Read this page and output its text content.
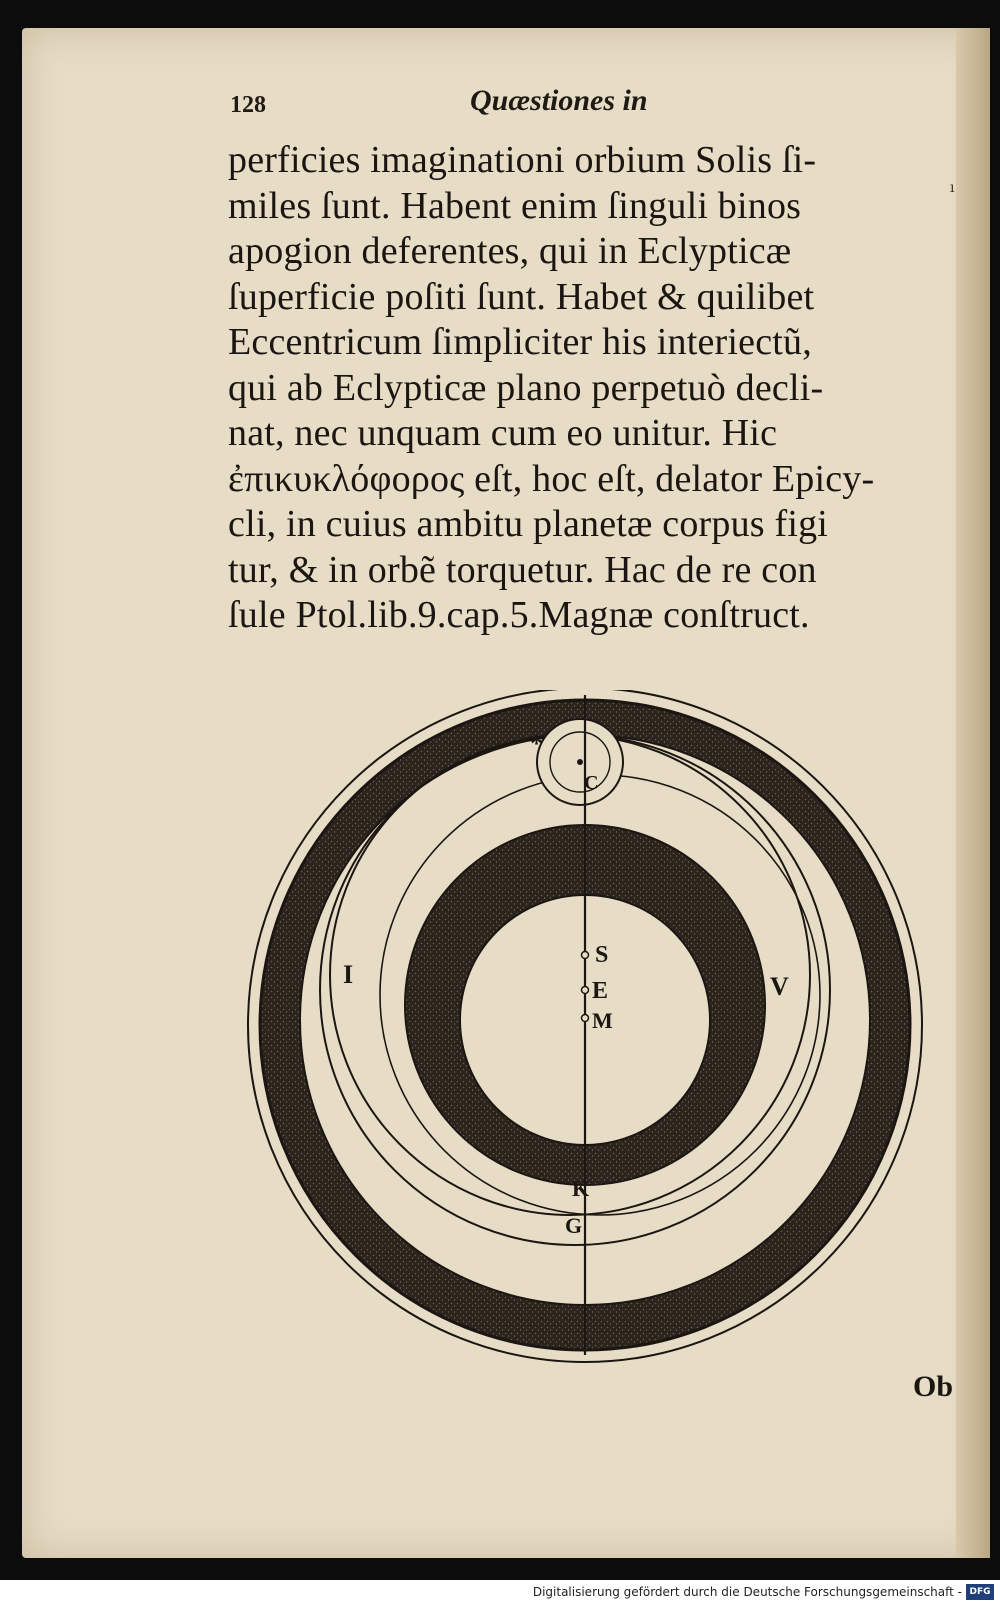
128	Quæstiones in
ı
perficies imaginationi orbium Solis ſi-
miles ſunt. Habent enim ſinguli binos
apogion deferentes, qui in Eclypticæ
ſuperficie poſiti ſunt. Habet & quilibet
Eccentricum ſimpliciter his interiectũ,
qui ab Eclypticæ plano perpetuò decli-
nat, nec unquam cum eo unitur. Hic
ἐπικυκλόφορος eſt, hoc eſt, delator Epicy-
cli, in cuius ambitu planetæ corpus figi
tur, & in orbẽ torquetur. Hac de re con
ſule Ptol.lib.9.cap.5.Magnæ conſtruct.
*
C
S
E
M
I	V
K
G
Ob
Digitalisierung gefördert durch die Deutsche Forschungsgemeinschaft - DFG
